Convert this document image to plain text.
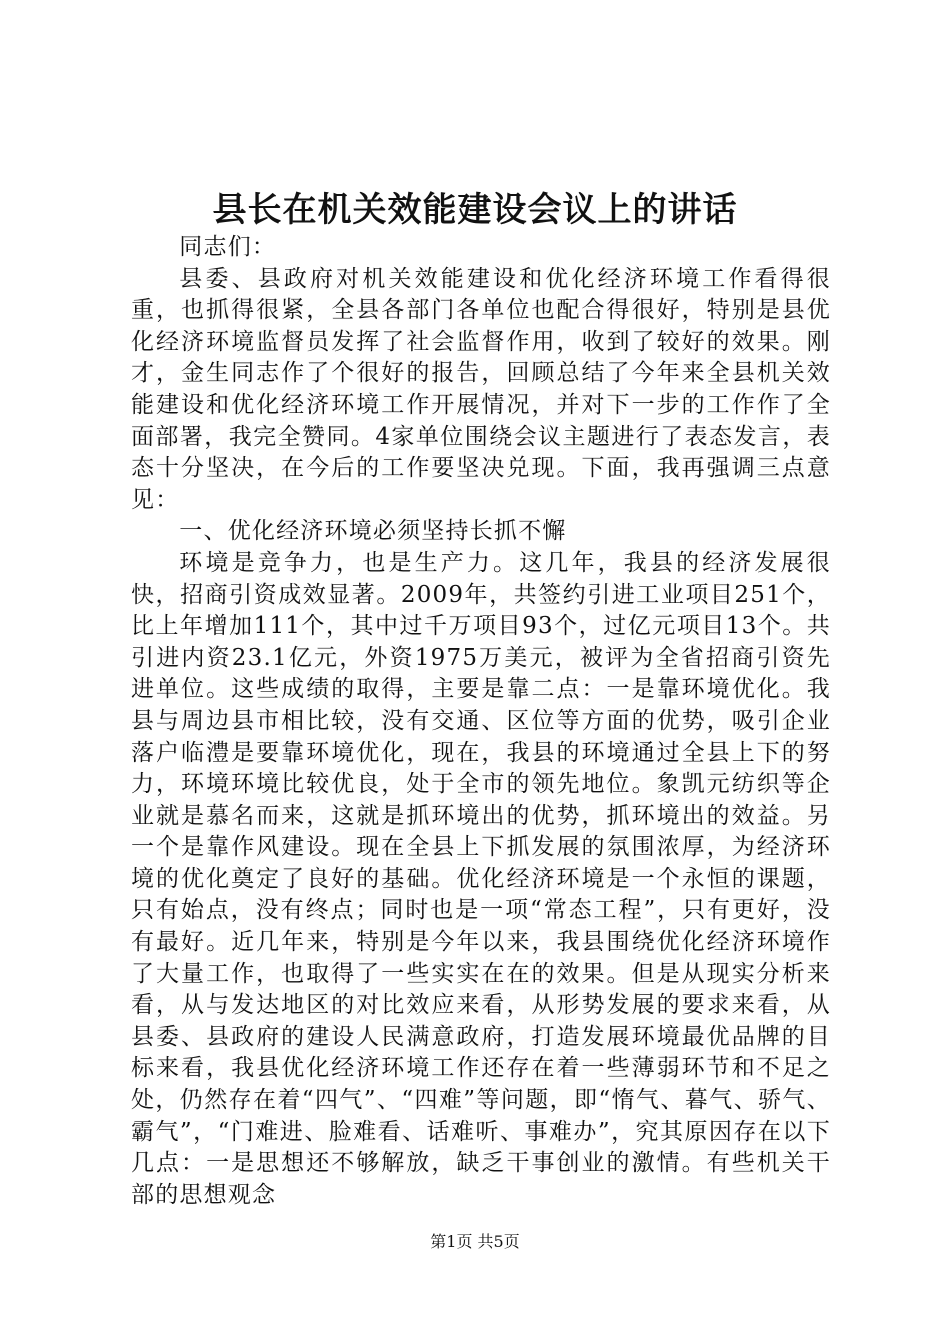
县长在机关效能建设会议上的讲话

同志们：

县委、县政府对机关效能建设和优化经济环境工作看得很重，也抓得很紧，全县各部门各单位也配合得很好，特别是县优化经济环境监督员发挥了社会监督作用，收到了较好的效果。刚才，金生同志作了个很好的报告，回顾总结了今年来全县机关效能建设和优化经济环境工作开展情况，并对下一步的工作作了全面部署，我完全赞同。4家单位围绕会议主题进行了表态发言，表态十分坚决，在今后的工作要坚决兑现。下面，我再强调三点意见：

一、优化经济环境必须坚持长抓不懈

环境是竞争力，也是生产力。这几年，我县的经济发展很快，招商引资成效显著。2009年，共签约引进工业项目251个，比上年增加111个，其中过千万项目93个，过亿元项目13个。共引进内资23.1亿元，外资1975万美元，被评为全省招商引资先进单位。这些成绩的取得，主要是靠二点：一是靠环境优化。我县与周边县市相比较，没有交通、区位等方面的优势，吸引企业落户临澧是要靠环境优化，现在，我县的环境通过全县上下的努力，环境环境比较优良，处于全市的领先地位。象凯元纺织等企业就是慕名而来，这就是抓环境出的优势，抓环境出的效益。另一个是靠作风建设。现在全县上下抓发展的氛围浓厚，为经济环境的优化奠定了良好的基础。优化经济环境是一个永恒的课题，只有始点，没有终点；同时也是一项“常态工程”，只有更好，没有最好。近几年来，特别是今年以来，我县围绕优化经济环境作了大量工作，也取得了一些实实在在的效果。但是从现实分析来看，从与发达地区的对比效应来看，从形势发展的要求来看，从县委、县政府的建设人民满意政府，打造发展环境最优品牌的目标来看，我县优化经济环境工作还存在着一些薄弱环节和不足之处，仍然存在着“四气”、“四难”等问题，即“惰气、暮气、骄气、霸气”，“门难进、脸难看、话难听、事难办”，究其原因存在以下几点：一是思想还不够解放，缺乏干事创业的激情。有些机关干部的思想观念

第1页 共5页
